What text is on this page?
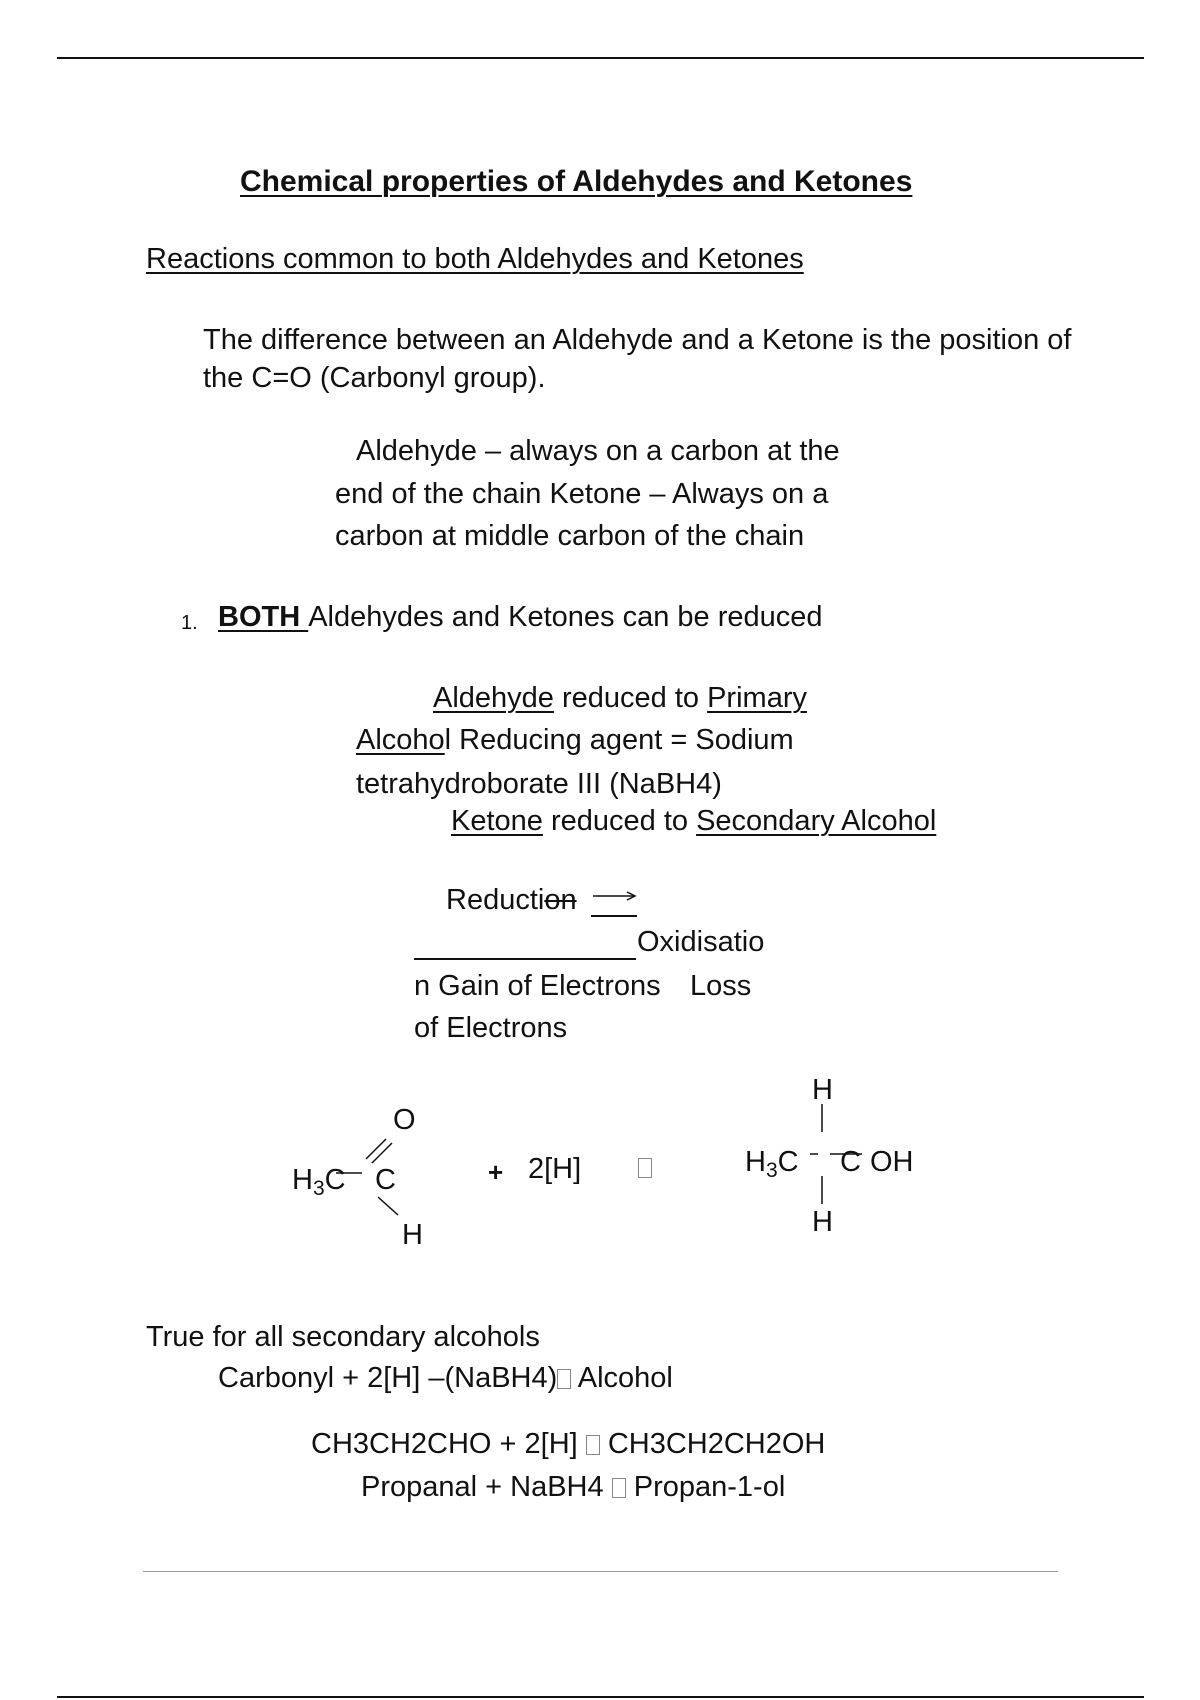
Chemical properties of Aldehydes and Ketones
Reactions common to both Aldehydes and Ketones
The difference between an Aldehyde and a Ketone is the position of
the C=O (Carbonyl group).
Aldehyde – always on a carbon at the
end of the chain Ketone – Always on a
carbon at middle carbon of the chain
1. BOTH Aldehydes and Ketones can be reduced
Aldehyde reduced to Primary
Alcohol Reducing agent = Sodium
tetrahydroborate III (NaBH4)
Ketone reduced to Secondary Alcohol
Reduction
Oxidisatio
n Gain of Electrons Loss
of Electrons
O
$H_3C$ C
H
+ 2[H]
H
$H_3C$ C OH
H
True for all secondary alcohols
Carbonyl + 2[H] –(NaBH4) Alcohol
CH3CH2CHO + 2[H]  CH3CH2CH2OH
Propanal + NaBH4  Propan-1-ol
